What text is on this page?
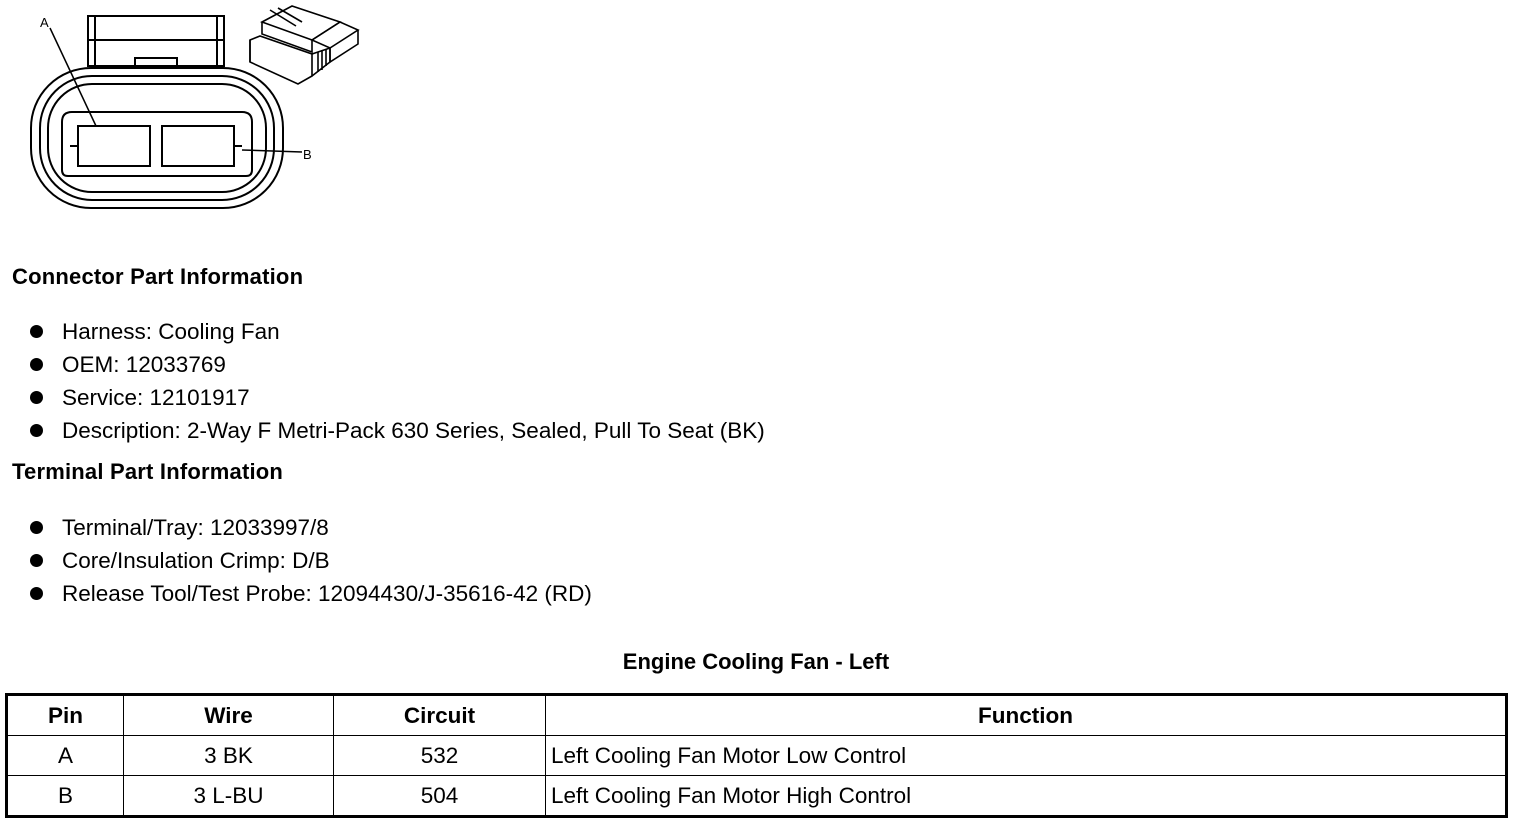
A
B
Connector Part Information
Harness: Cooling Fan
OEM: 12033769
Service: 12101917
Description: 2-Way F Metri-Pack 630 Series, Sealed, Pull To Seat (BK)
Terminal Part Information
Terminal/Tray: 12033997/8
Core/Insulation Crimp: D/B
Release Tool/Test Probe: 12094430/J-35616-42 (RD)
Engine Cooling Fan - Left
Pin	Wire	Circuit	Function
A	3 BK	532	Left Cooling Fan Motor Low Control
B	3 L-BU	504	Left Cooling Fan Motor High Control
